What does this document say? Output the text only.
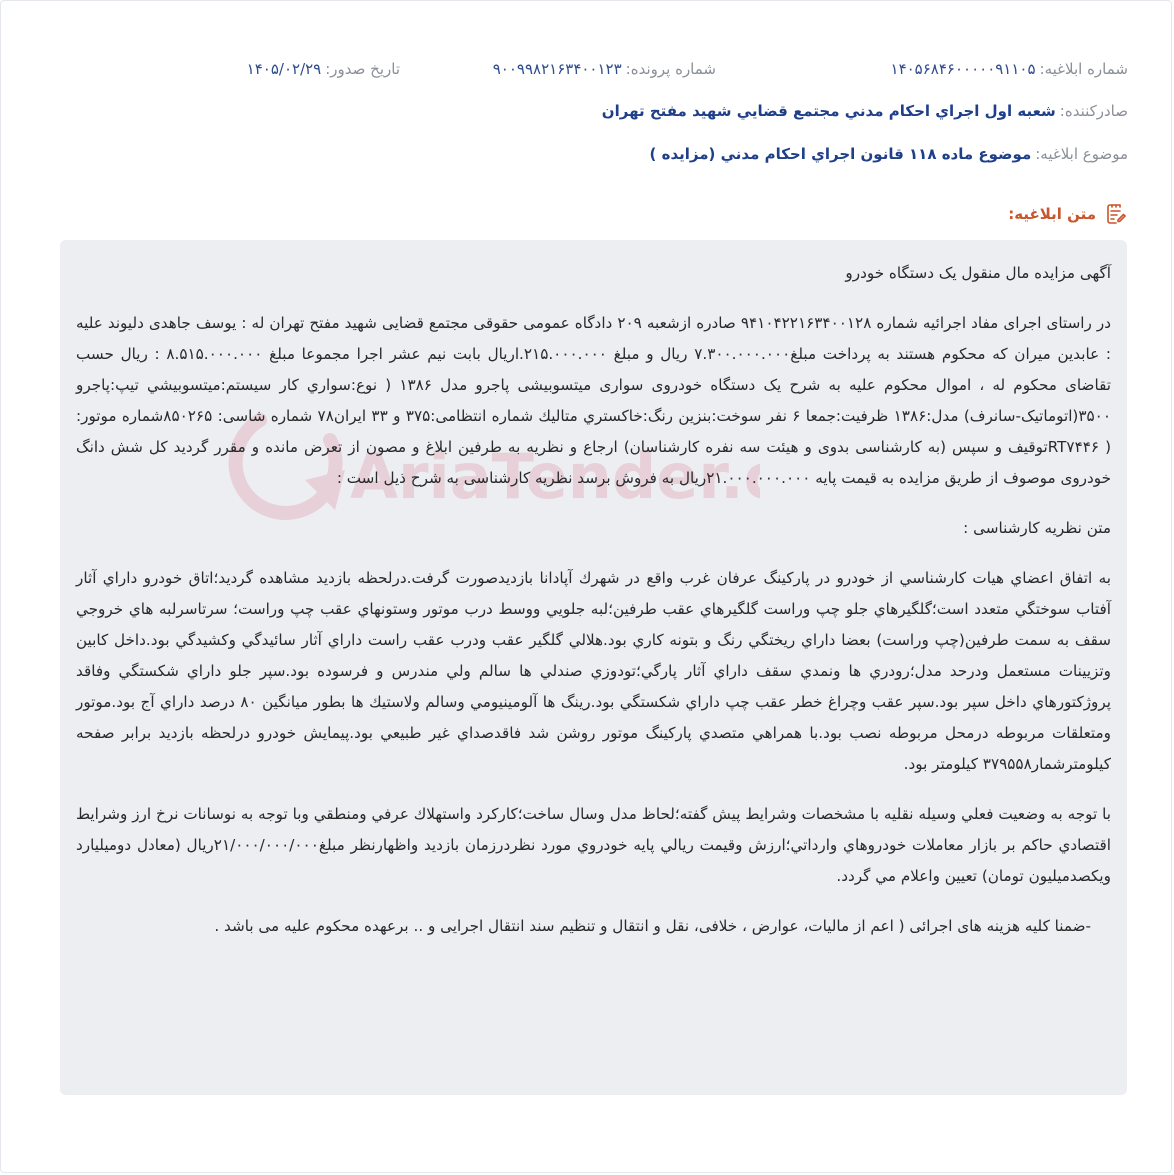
شماره ابلاغیه:
۱۴۰۵۶۸۴۶۰۰۰۰۰۹۱۱۰۵
شماره پرونده:
۹۰۰۹۹۸۲۱۶۳۴۰۰۱۲۳
تاریخ صدور:
۱۴۰۵/۰۲/۲۹
صادرکننده:
شعبه اول اجراي احكام مدني مجتمع قضايي شهيد مفتح تهران
موضوع ابلاغیه:
موضوع ماده ۱۱۸ قانون اجراي احكام مدني (مزايده )
متن ابلاغیه:
AriaTender.

آگهی مزایده مال منقول یک دستگاه خودرو

در راستای اجرای مفاد اجرائیه شماره ۹۴۱۰۴۲۲۱۶۳۴۰۰۱۲۸ صادره ازشعبه ۲۰۹ دادگاه عمومی حقوقی مجتمع قضایی شهید مفتح تهران له : یوسف جاهدی دلیوند علیه : عابدین میران که محکوم هستند به پرداخت مبلغ۷.۳۰۰.۰۰۰.۰۰۰ ریال و مبلغ ۲۱۵.۰۰۰.۰۰۰.اریال بابت نیم عشر اجرا مجموعا مبلغ ۸.۵۱۵.۰۰۰.۰۰۰ : ریال حسب تقاضای محکوم له ، اموال محکوم علیه به شرح یک دستگاه خودروی سواری میتسوبیشی پاجرو مدل ۱۳۸۶ ( نوع:سواري کار سيستم:ميتسوبيشي تيپ:پاجرو ۳۵۰۰(اتوماتيک-سانرف) مدل:۱۳۸۶ ظرفيت:جمعا ۶ نفر سوخت:بنزين رنگ:خاکستري متاليك شماره انتظامی:۳۷۵ و ۳۳ ايران۷۸ شماره شاسی: ۸۵۰۲۶۵شماره موتور: ( RT۷۴۴۶توقیف و سپس (به کارشناسی بدوی و هیئت سه نفره کارشناسان) ارجاع و نظریه به طرفین ابلاغ و مصون از تعرض مانده و مقرر گردید کل شش دانگ خودروی موصوف از طریق مزایده به قیمت پایه ۲۱.۰۰۰.۰۰۰.۰۰۰ریال به فروش برسد نظریه کارشناسی به شرح ذیل است :

متن نظریه کارشناسی :

به اتفاق اعضاي هيات كارشناسي از خودرو در پاركينگ عرفان غرب واقع در شهرك آپادانا بازديدصورت گرفت.درلحظه بازديد مشاهده گرديد؛اتاق خودرو داراي آثار آفتاب سوختگي متعدد است؛گلگيرهاي جلو چپ وراست گلگيرهاي عقب طرفين؛لبه جلويي ووسط درب موتور وستونهاي عقب چپ وراست؛ سرتاسرلبه هاي خروجي سقف به سمت طرفين(چپ وراست) بعضا داراي ريختگي رنگ و بتونه كاري بود.هلالي گلگير عقب ودرب عقب راست داراي آثار سائيدگي وكشيدگي بود.داخل كابين وتزيينات مستعمل ودرحد مدل؛رودري ها ونمدي سقف داراي آثار پارگي؛تودوزي صندلي ها سالم ولي مندرس و فرسوده بود.سپر جلو داراي شكستگي وفاقد پروژكتورهاي داخل سپر بود.سپر عقب وچراغ خطر عقب چپ داراي شكستگي بود.رينگ ها آلومينيومي وسالم ولاستيك ها بطور ميانگين ۸۰ درصد داراي آج بود.موتور ومتعلقات مربوطه درمحل مربوطه نصب بود.با همراهي متصدي پاركينگ موتور روشن شد فاقدصداي غير طبيعي بود.پيمايش خودرو درلحظه بازديد برابر صفحه كيلومترشمار۳۷۹۵۵۸ كيلومتر بود.

با توجه به وضعيت فعلي وسيله نقليه با مشخصات وشرايط پيش گفته؛لحاظ مدل وسال ساخت؛كاركرد واستهلاك عرفي ومنطقي وبا توجه به نوسانات نرخ ارز وشرايط اقتصادي حاكم بر بازار معاملات خودروهاي وارداتي؛ارزش وقيمت ريالي پايه خودروي مورد نظردرزمان بازديد واظهارنظر مبلغ۲۱/۰۰۰/۰۰۰/۰۰۰ريال (معادل دوميليارد ويكصدميليون تومان) تعيين واعلام مي گردد.

-ضمنا کلیه هزینه های اجرائی ( اعم از مالیات، عوارض ، خلافی، نقل و انتقال و تنظیم سند انتقال اجرایی و .. برعهده محکوم علیه می باشد .
